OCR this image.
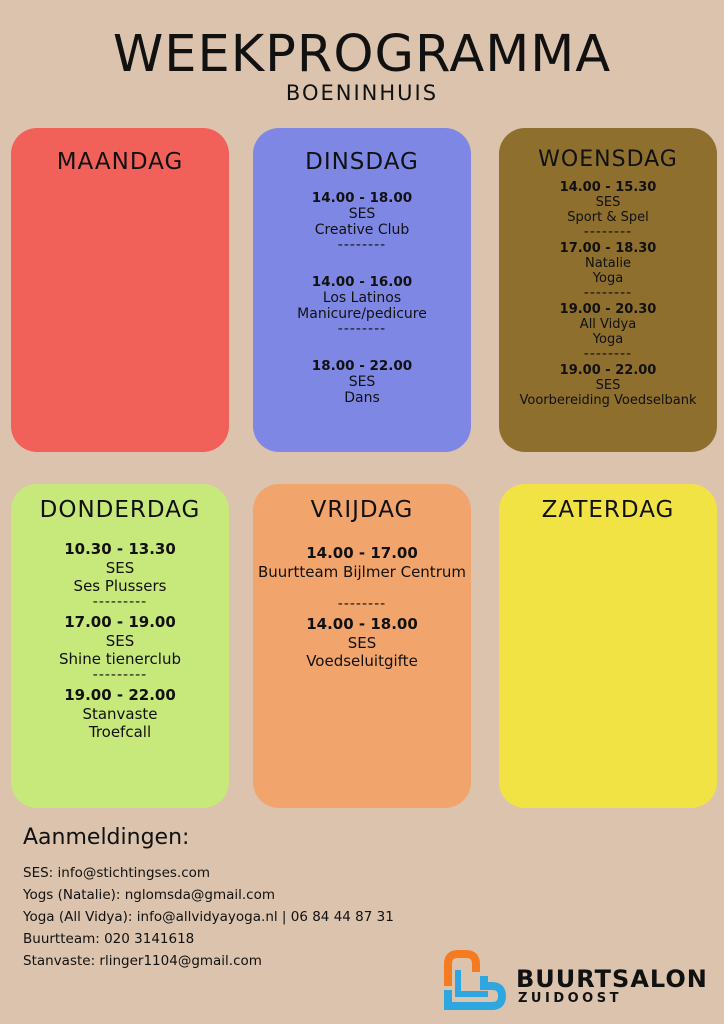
WEEKPROGRAMMA
BOENINHUIS
MAANDAG	DINSDAG
14.00 - 18.00
SES
Creative Club
--------
14.00 - 16.00
Los Latinos
Manicure/pedicure
--------
18.00 - 22.00
SES
Dans
WOENSDAG
14.00 - 15.30
SES
Sport & Spel
--------
17.00 - 18.30
Natalie
Yoga
--------
19.00 - 20.30
All Vidya
Yoga
--------
19.00 - 22.00
SES
Voorbereiding Voedselbank
DONDERDAG
10.30 - 13.30
SES
Ses Plussers
---------
17.00 - 19.00
SES
Shine tienerclub
---------
19.00 - 22.00
Stanvaste
Troefcall
VRIJDAG
14.00 - 17.00
Buurtteam Bijlmer Centrum
--------
14.00 - 18.00
SES
Voedseluitgifte
ZATERDAG
Aanmeldingen:
SES: info@stichtingses.com
Yogs (Natalie): nglomsda@gmail.com
Yoga (All Vidya): info@allvidyayoga.nl | 06 84 44 87 31
Buurtteam: 020 3141618
Stanvaste: rlinger1104@gmail.com
BUURTSALON
ZUIDOOST
